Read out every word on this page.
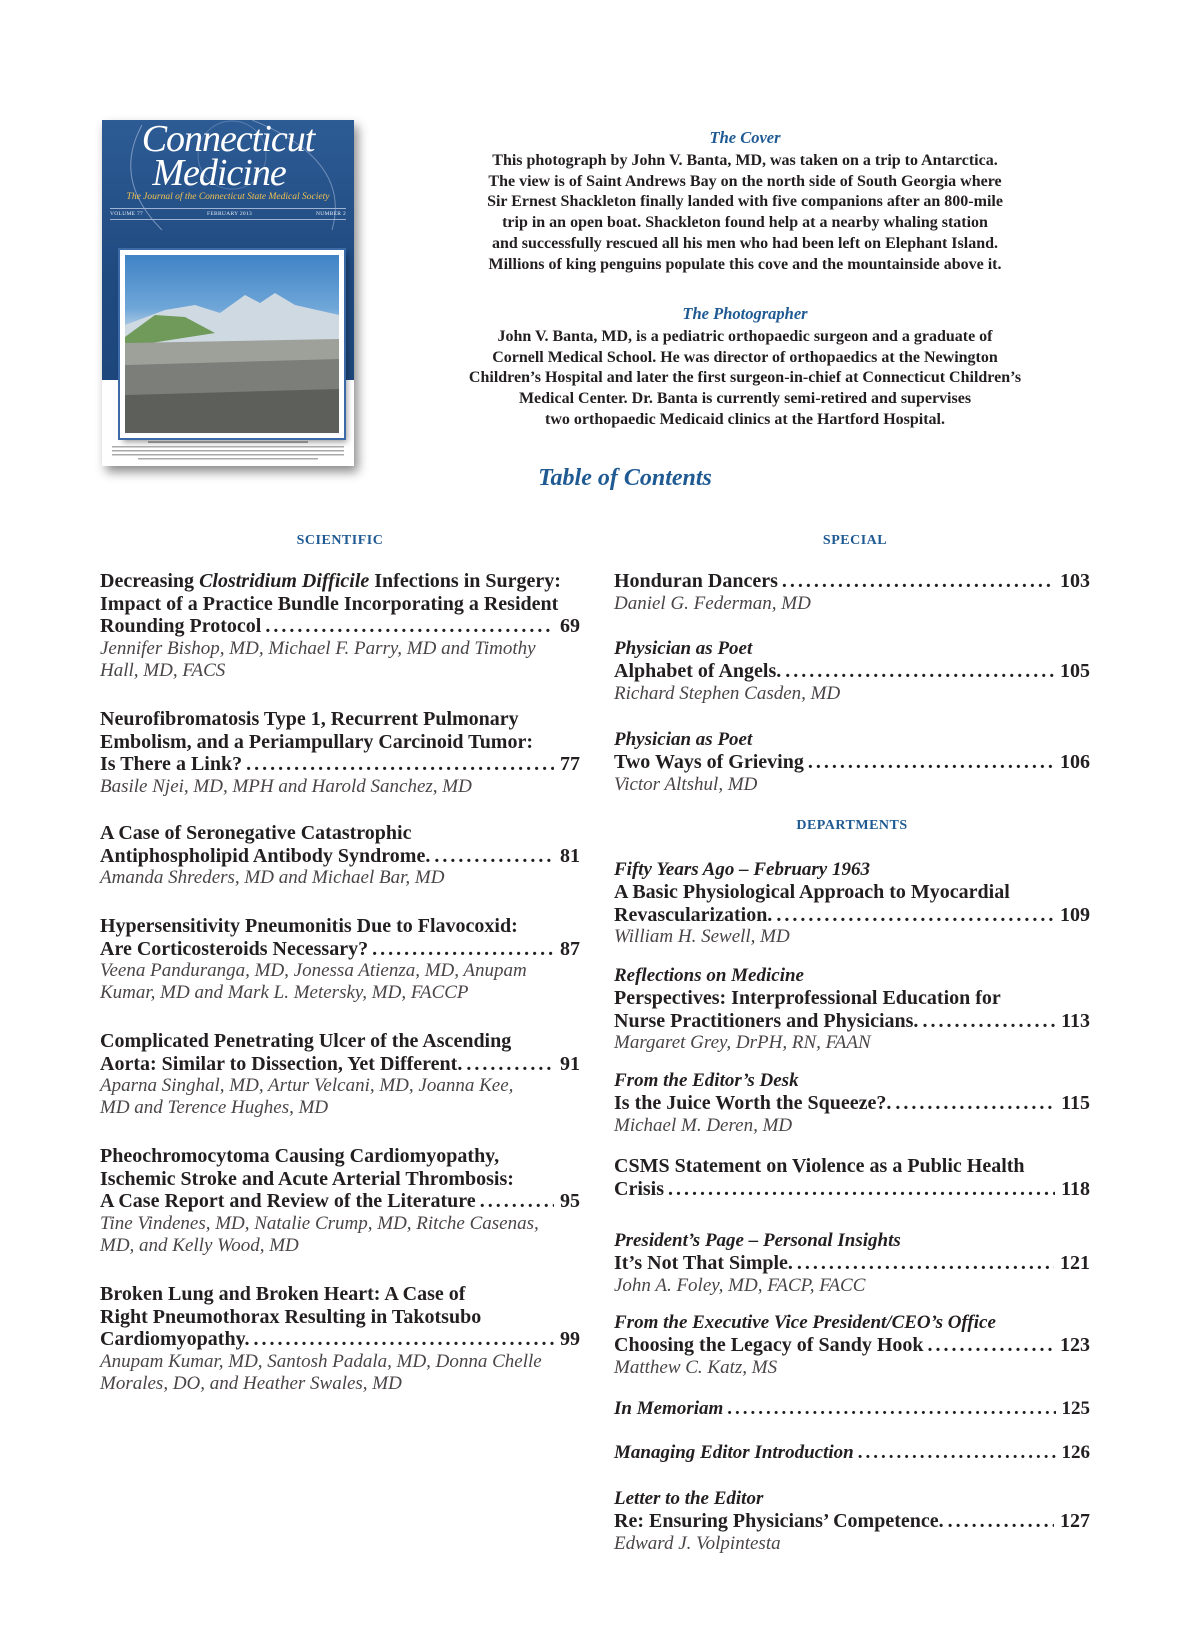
Connecticut
Medicine
The Journal of the Connecticut State Medical Society
VOLUME 77	FEBRUARY 2013	NUMBER 2
The Cover
This photograph by John V. Banta, MD, was taken on a trip to Antarctica.
The view is of Saint Andrews Bay on the north side of South Georgia where
Sir Ernest Shackleton finally landed with five companions after an 800-mile
trip in an open boat. Shackleton found help at a nearby whaling station
and successfully rescued all his men who had been left on Elephant Island.
Millions of king penguins populate this cove and the mountainside above it.
The Photographer
John V. Banta, MD, is a pediatric orthopaedic surgeon and a graduate of
Cornell Medical School. He was director of orthopaedics at the Newington
Children’s Hospital and later the first surgeon-in-chief at Connecticut Children’s
Medical Center. Dr. Banta is currently semi-retired and supervises
two orthopaedic Medicaid clinics at the Hartford Hospital.
Table of Contents
SCIENTIFIC	SPECIAL
Decreasing Clostridium Difficile Infections in Surgery:
Impact of a Practice Bundle Incorporating a Resident
Rounding Protocol .....	69
Jennifer Bishop, MD, Michael F. Parry, MD and Timothy
Hall, MD, FACS
Neurofibromatosis Type 1, Recurrent Pulmonary
Embolism, and a Periampullary Carcinoid Tumor:
Is There a Link? .....	77
Basile Njei, MD, MPH and Harold Sanchez, MD
A Case of Seronegative Catastrophic
Antiphospholipid Antibody Syndrome. .....	81
Amanda Shreders, MD and Michael Bar, MD
Hypersensitivity Pneumonitis Due to Flavocoxid:
Are Corticosteroids Necessary? .....	87
Veena Panduranga, MD, Jonessa Atienza, MD, Anupam
Kumar, MD and Mark L. Metersky, MD, FACCP
Complicated Penetrating Ulcer of the Ascending
Aorta: Similar to Dissection, Yet Different. .....	91
Aparna Singhal, MD, Artur Velcani, MD, Joanna Kee,
MD and Terence Hughes, MD
Pheochromocytoma Causing Cardiomyopathy,
Ischemic Stroke and Acute Arterial Thrombosis:
A Case Report and Review of the Literature .....	95
Tine Vindenes, MD, Natalie Crump, MD, Ritche Casenas,
MD, and Kelly Wood, MD
Broken Lung and Broken Heart: A Case of
Right Pneumothorax Resulting in Takotsubo
Cardiomyopathy. .....	99
Anupam Kumar, MD, Santosh Padala, MD, Donna Chelle
Morales, DO, and Heather Swales, MD
Honduran Dancers .....	103
Daniel G. Federman, MD
Physician as Poet
Alphabet of Angels. .....	105
Richard Stephen Casden, MD
Physician as Poet
Two Ways of Grieving .....	106
Victor Altshul, MD
DEPARTMENTS
Fifty Years Ago – February 1963
A Basic Physiological Approach to Myocardial
Revascularization. .....	109
William H. Sewell, MD
Reflections on Medicine
Perspectives: Interprofessional Education for
Nurse Practitioners and Physicians. .....	113
Margaret Grey, DrPH, RN, FAAN
From the Editor’s Desk
Is the Juice Worth the Squeeze?. .....	115
Michael M. Deren, MD
CSMS Statement on Violence as a Public Health
Crisis .....	118
President’s Page – Personal Insights
It’s Not That Simple. .....	121
John A. Foley, MD, FACP, FACC
From the Executive Vice President/CEO’s Office
Choosing the Legacy of Sandy Hook .....	123
Matthew C. Katz, MS
In Memoriam .....	125
Managing Editor Introduction .....	126
Letter to the Editor
Re: Ensuring Physicians’ Competence. .....	127
Edward J. Volpintesta
